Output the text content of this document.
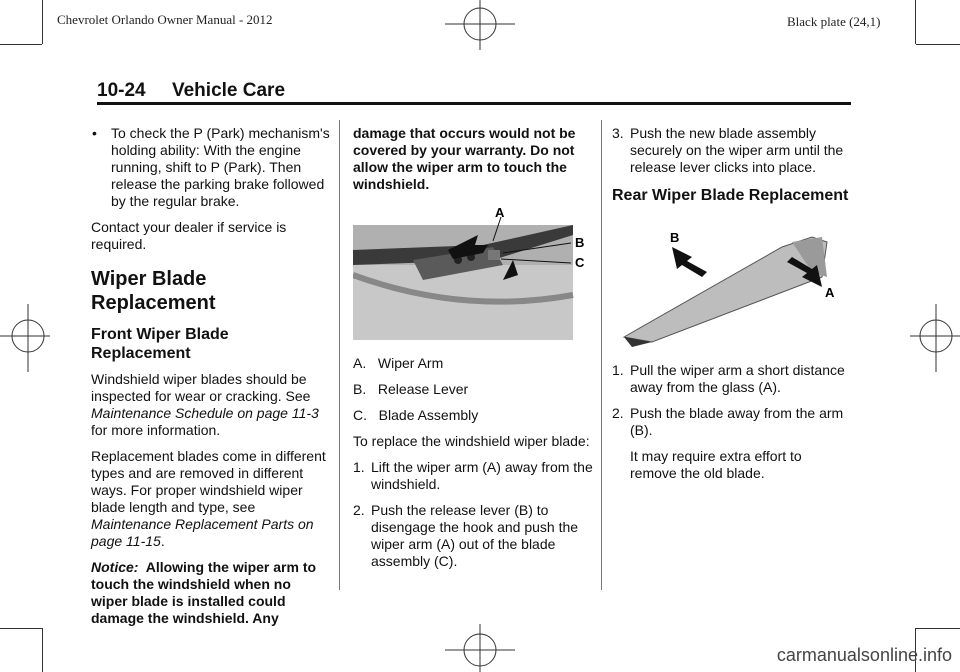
Chevrolet Orlando Owner Manual - 2012	Black plate (24,1)
10-24     Vehicle Care
• To check the P (Park) mechanism's holding ability: With the engine running, shift to P (Park). Then release the parking brake followed by the regular brake.

Contact your dealer if service is required.

Wiper Blade Replacement
Front Wiper Blade Replacement

Windshield wiper blades should be inspected for wear or cracking. See Maintenance Schedule on page 11-3 for more information.

Replacement blades come in different types and are removed in different ways. For proper windshield wiper blade length and type, see Maintenance Replacement Parts on page 11-15.

Notice:  Allowing the wiper arm to touch the windshield when no wiper blade is installed could damage the windshield. Any

damage that occurs would not be covered by your warranty. Do not allow the wiper arm to touch the windshield.

A
B
C

A.   Wiper Arm

B.   Release Lever

C.   Blade Assembly

To replace the windshield wiper blade:

1. Lift the wiper arm (A) away from the windshield.
2. Push the release lever (B) to disengage the hook and push the wiper arm (A) out of the blade assembly (C).
3. Push the new blade assembly securely on the wiper arm until the release lever clicks into place.
Rear Wiper Blade Replacement
B
A
1. Pull the wiper arm a short distance away from the glass (A).
2. Push the blade away from the arm (B).

It may require extra effort to remove the old blade.

carmanualsonline.info
